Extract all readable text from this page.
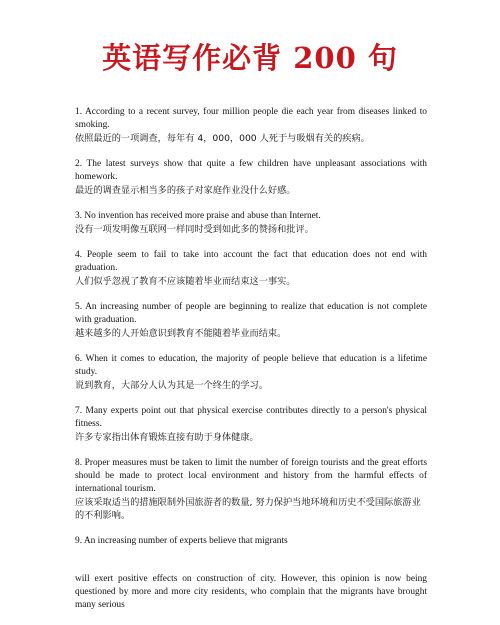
英语写作必背 200 句
1. According to a recent survey, four million people die each year from diseases linked to smoking.
依照最近的一项调查，每年有 4，000，000 人死于与吸烟有关的疾病。
2. The latest surveys show that quite a few children have unpleasant associations with homework.
最近的调查显示相当多的孩子对家庭作业没什么好感。
3. No invention has received more praise and abuse than Internet.
没有一项发明像互联网一样同时受到如此多的赞扬和批评。
4. People seem to fail to take into account the fact that education does not end with graduation.
人们似乎忽视了教育不应该随着毕业而结束这一事实。
5. An increasing number of people are beginning to realize that education is not complete with graduation.
越来越多的人开始意识到教育不能随着毕业而结束。
6. When it comes to education, the majority of people believe that education is a lifetime study.
说到教育，大部分人认为其是一个终生的学习。
7. Many experts point out that physical exercise contributes directly to a person's physical fitness.
许多专家指出体育锻炼直接有助于身体健康。
8. Proper measures must be taken to limit the number of foreign tourists and the great efforts should be made to protect local environment and history from the harmful effects of international tourism.
应该采取适当的措施限制外国旅游者的数量, 努力保护当地环境和历史不受国际旅游业的不利影响。
9. An increasing number of experts believe that migrants
will exert positive effects on construction of city. However, this opinion is now being questioned by more and more city residents, who complain that the migrants have brought many serious
